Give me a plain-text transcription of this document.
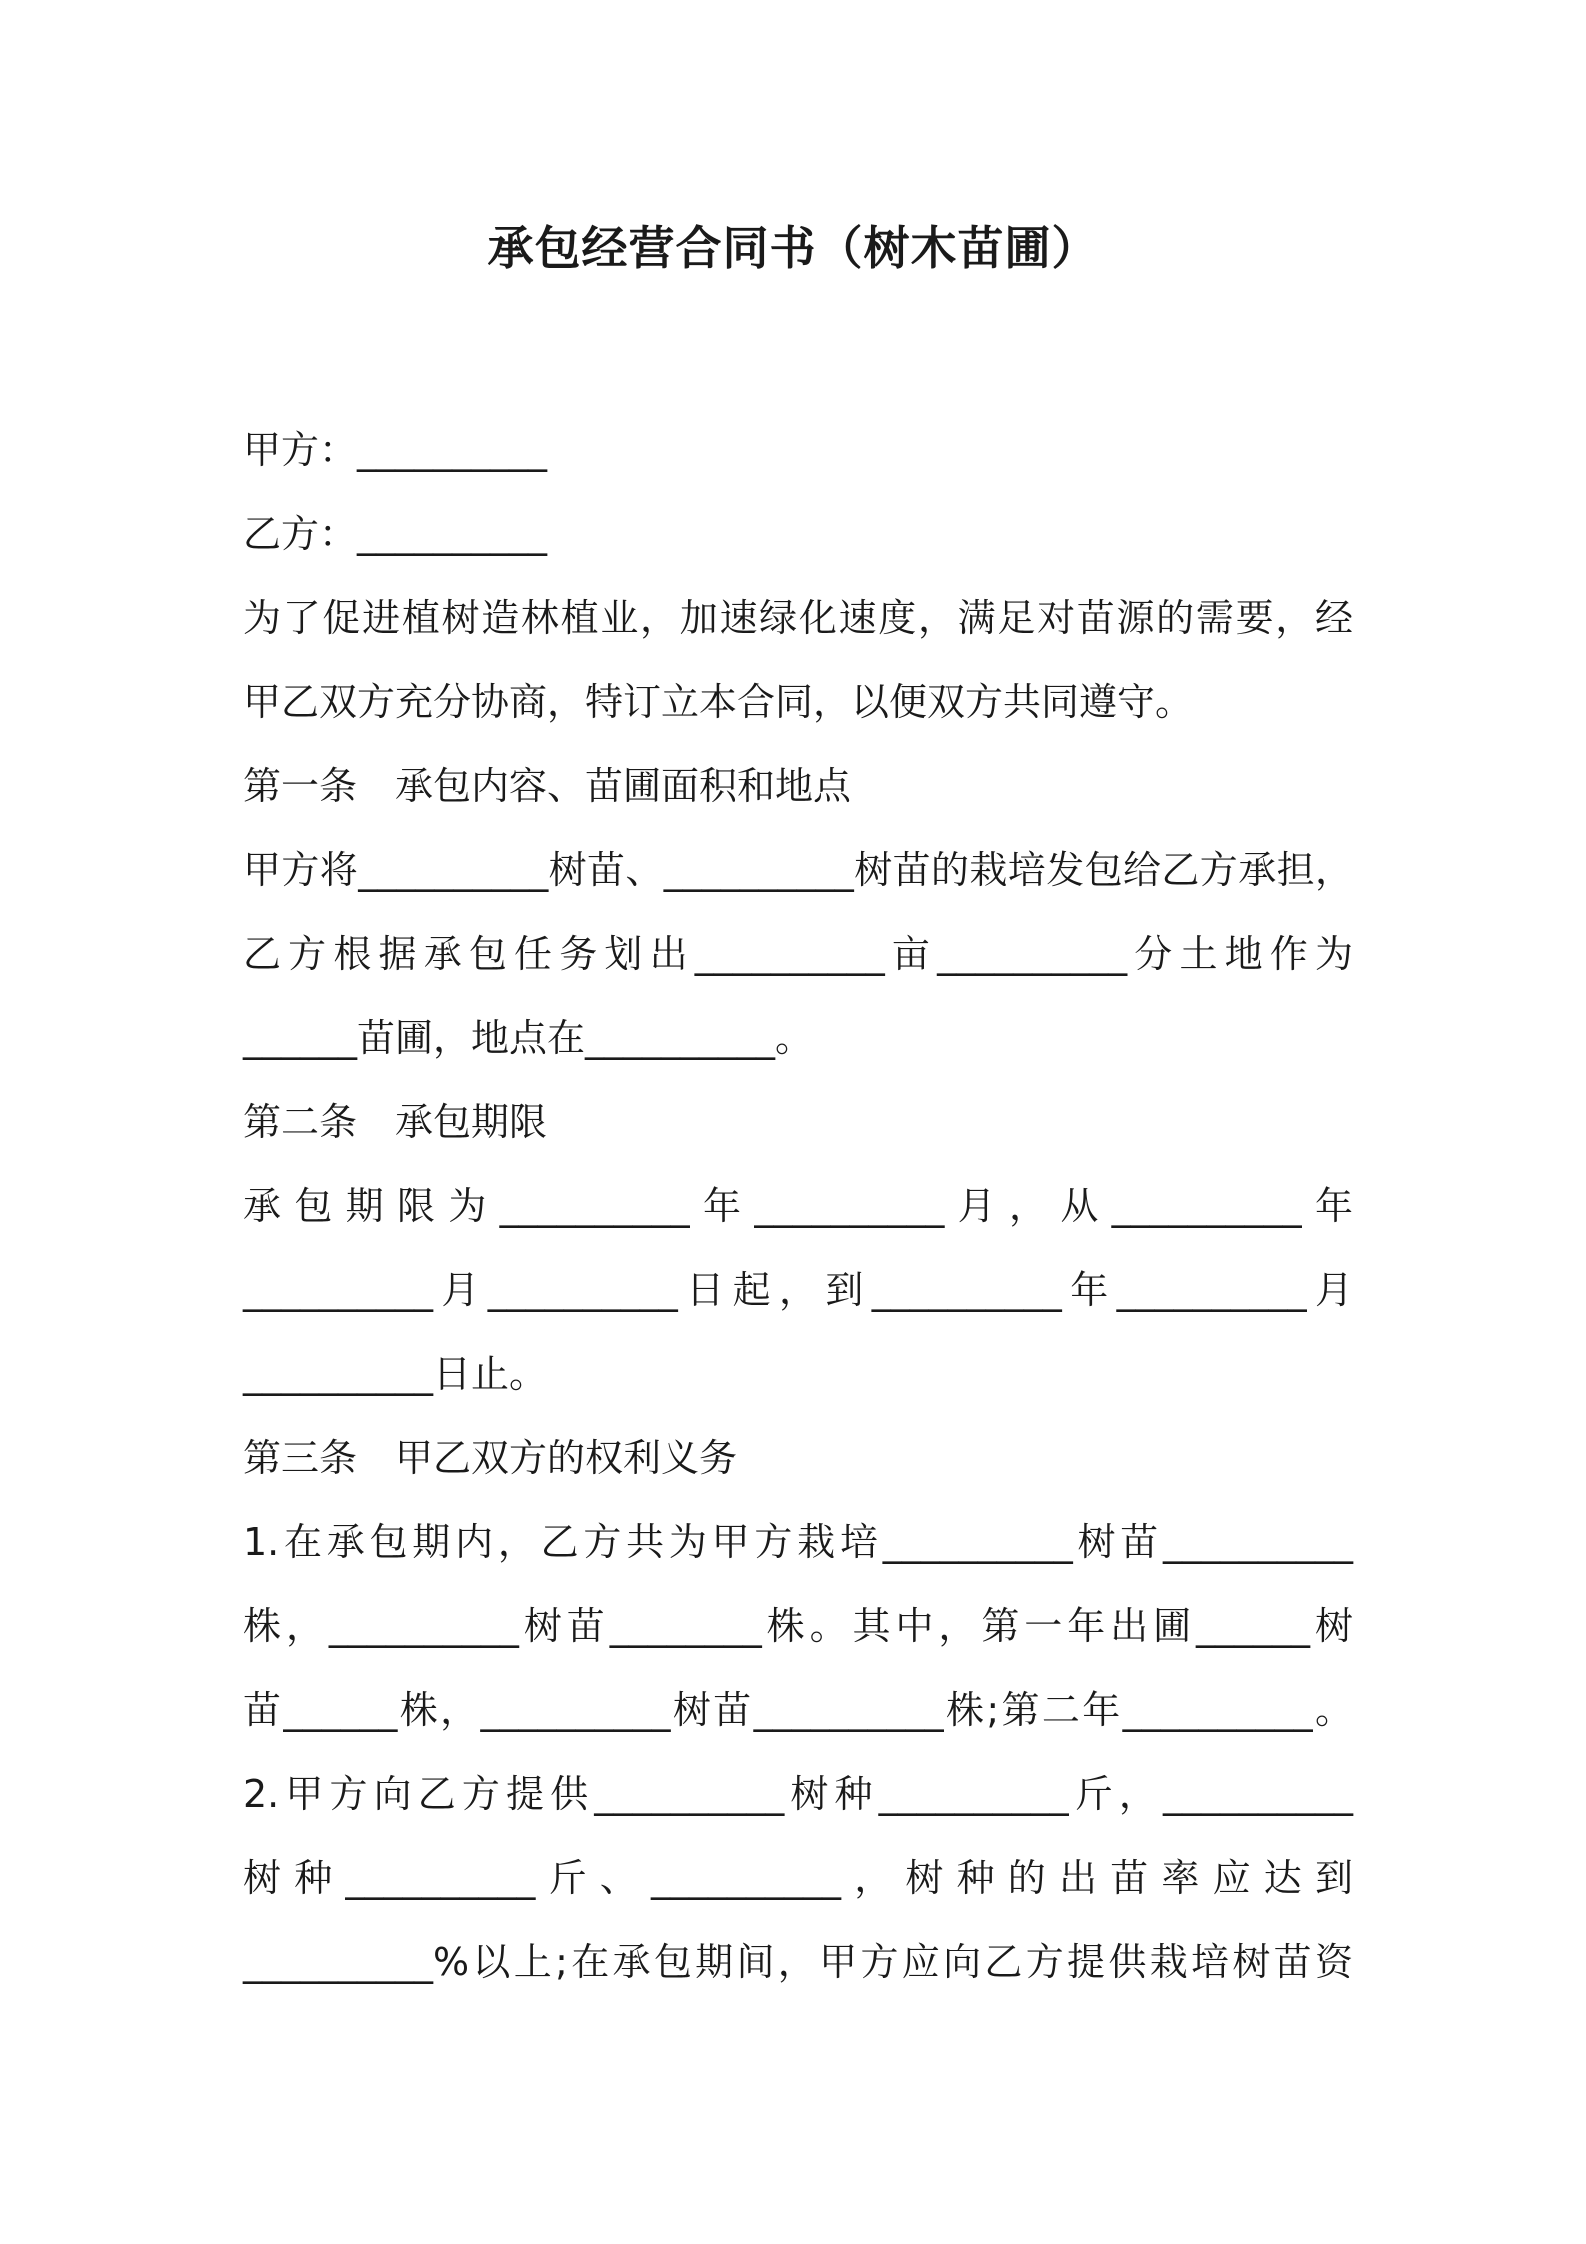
承包经营合同书（树木苗圃）
甲方：__________
乙方：__________
为了促进植树造林植业，加速绿化速度，满足对苗源的需要，经
甲乙双方充分协商，特订立本合同，以便双方共同遵守。
第一条　承包内容、苗圃面积和地点
甲方将__________树苗、__________树苗的栽培发包给乙方承担，
乙方根据承包任务划出__________亩__________分土地作为
______苗圃，地点在__________。
第二条　承包期限
承包期限为__________年__________月，从__________年
__________月__________日起，到__________年__________月
__________日止。
第三条　甲乙双方的权利义务
1.在承包期内，乙方共为甲方栽培__________树苗__________
株，__________树苗________株。其中，第一年出圃______树
苗______株，__________树苗__________株;第二年__________。
2.甲方向乙方提供__________树种__________斤，__________
树种__________斤、__________，树种的出苗率应达到
__________%以上;在承包期间，甲方应向乙方提供栽培树苗资
